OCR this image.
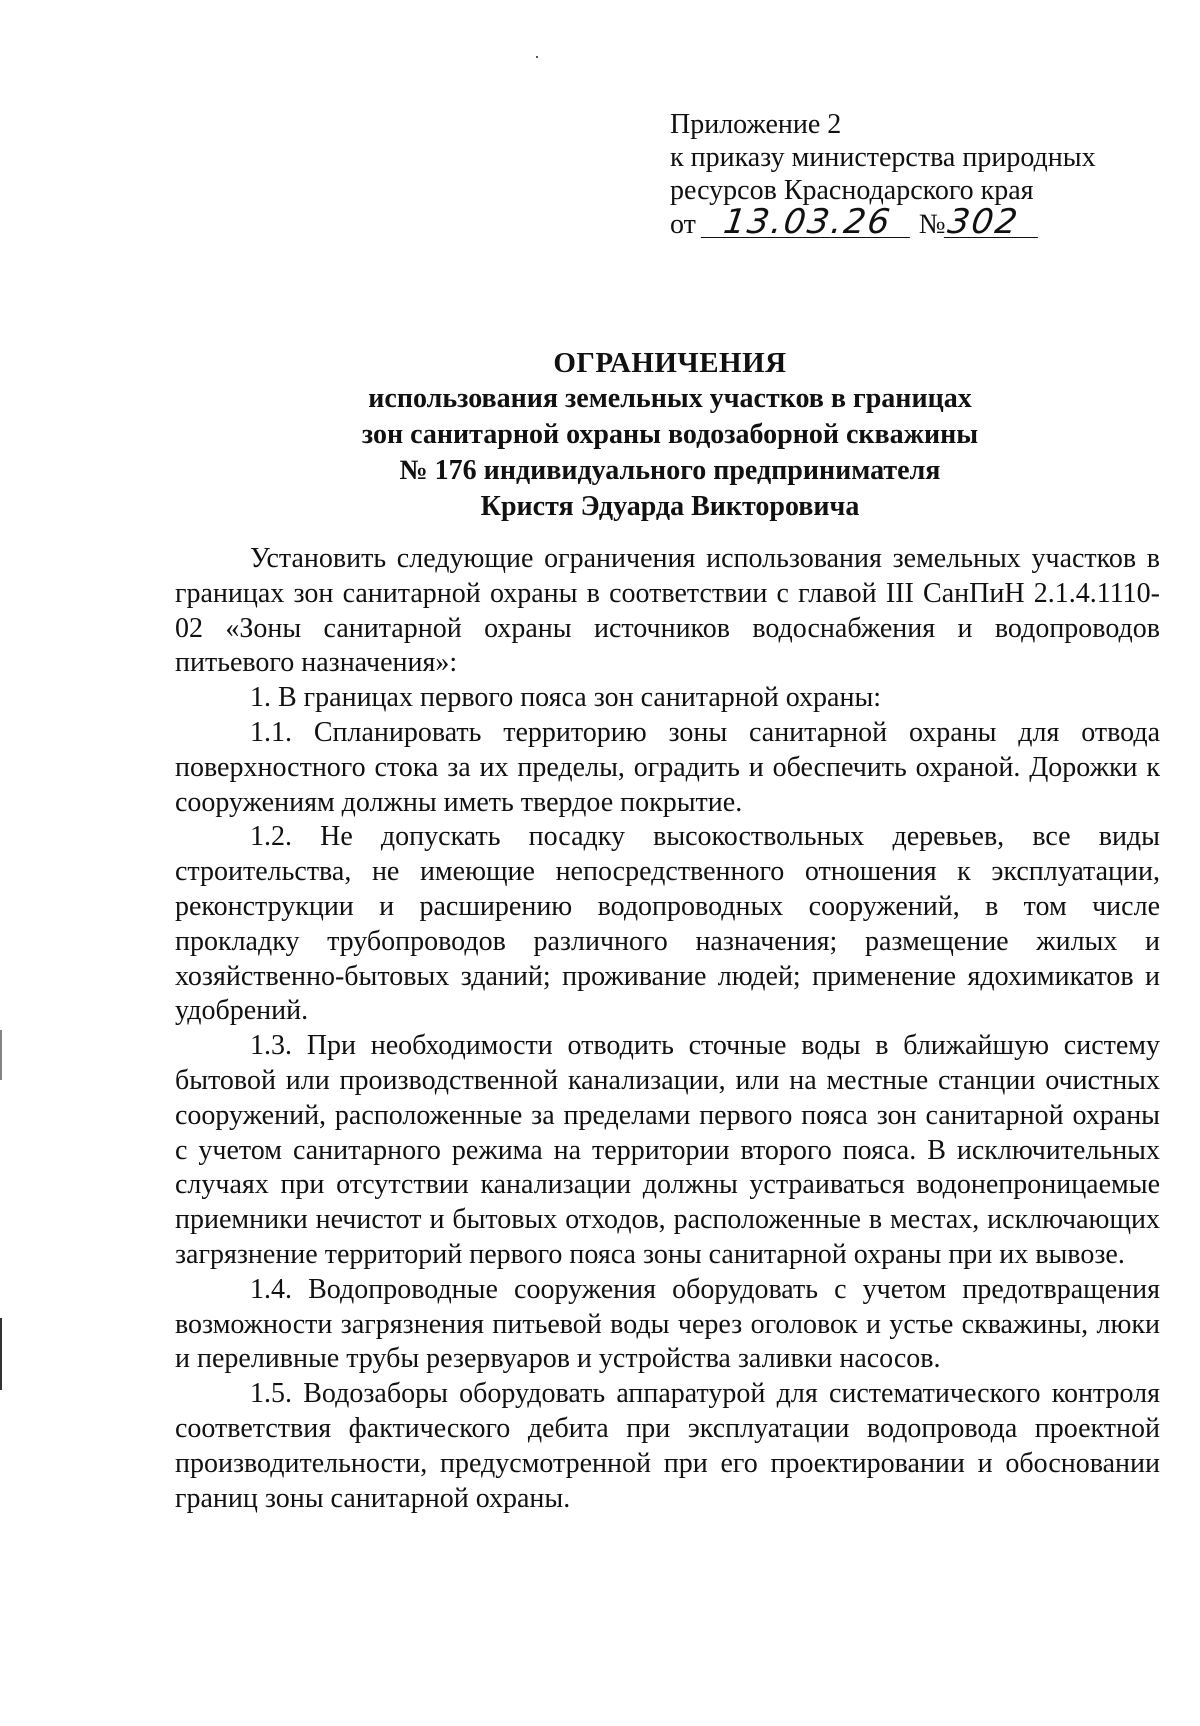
Приложение 2
к приказу министерства природных
ресурсов Краснодарского края
от 13.03.26 №302
ОГРАНИЧЕНИЯ
использования земельных участков в границах
зон санитарной охраны водозаборной скважины
№ 176 индивидуального предпринимателя
Кристя Эдуарда Викторовича

Установить следующие ограничения использования земельных участков в границах зон санитарной охраны в соответствии с главой III СанПиН 2.1.4.1110-02 «Зоны санитарной охраны источников водоснабжения и водопроводов питьевого назначения»:

1. В границах первого пояса зон санитарной охраны:

1.1. Спланировать территорию зоны санитарной охраны для отвода поверхностного стока за их пределы, оградить и обеспечить охраной. Дорожки к сооружениям должны иметь твердое покрытие.

1.2. Не допускать посадку высокоствольных деревьев, все виды строительства, не имеющие непосредственного отношения к эксплуатации, реконструкции и расширению водопроводных сооружений, в том числе прокладку трубопроводов различного назначения; размещение жилых и хозяйственно-бытовых зданий; проживание людей; применение ядохимикатов и удобрений.

1.3. При необходимости отводить сточные воды в ближайшую систему бытовой или производственной канализации, или на местные станции очистных сооружений, расположенные за пределами первого пояса зон санитарной охраны с учетом санитарного режима на территории второго пояса. В исключительных случаях при отсутствии канализации должны устраиваться водонепроницаемые приемники нечистот и бытовых отходов, расположенные в местах, исключающих загрязнение территорий первого пояса зоны санитарной охраны при их вывозе.

1.4. Водопроводные сооружения оборудовать с учетом предотвращения возможности загрязнения питьевой воды через оголовок и устье скважины, люки и переливные трубы резервуаров и устройства заливки насосов.

1.5. Водозаборы оборудовать аппаратурой для систематического контроля соответствия фактического дебита при эксплуатации водопровода проектной производительности, предусмотренной при его проектировании и обосновании границ зоны санитарной охраны.
